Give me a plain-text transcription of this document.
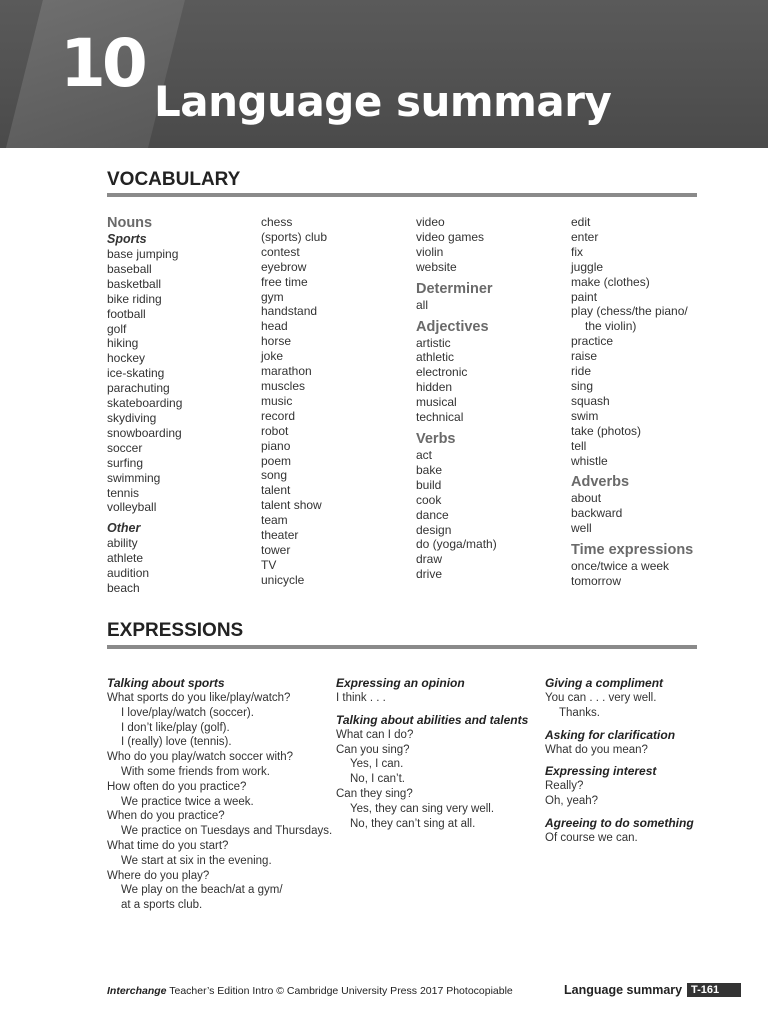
10 Language summary
VOCABULARY
Nouns
Sports
base jumping
baseball
basketball
bike riding
football
golf
hiking
hockey
ice-skating
parachuting
skateboarding
skydiving
snowboarding
soccer
surfing
swimming
tennis
volleyball
Other
ability
athlete
audition
beach
chess
(sports) club
contest
eyebrow
free time
gym
handstand
head
horse
joke
marathon
muscles
music
record
robot
piano
poem
song
talent
talent show
team
theater
tower
TV
unicycle
video
video games
violin
website
Determiner
all
Adjectives
artistic
athletic
electronic
hidden
musical
technical
Verbs
act
bake
build
cook
dance
design
do (yoga/math)
draw
drive
edit
enter
fix
juggle
make (clothes)
paint
play (chess/the piano/
the violin)
practice
raise
ride
sing
squash
swim
take (photos)
tell
whistle
Adverbs
about
backward
well
Time expressions
once/twice a week
tomorrow
EXPRESSIONS
Talking about sports
What sports do you like/play/watch?
I love/play/watch (soccer).
I don’t like/play (golf).
I (really) love (tennis).
Who do you play/watch soccer with?
With some friends from work.
How often do you practice?
We practice twice a week.
When do you practice?
We practice on Tuesdays and Thursdays.
What time do you start?
We start at six in the evening.
Where do you play?
We play on the beach/at a gym/
at a sports club.
Expressing an opinion
I think . . .
Talking about abilities and talents
What can I do?
Can you sing?
Yes, I can.
No, I can’t.
Can they sing?
Yes, they can sing very well.
No, they can’t sing at all.
Giving a compliment
You can . . . very well.
Thanks.
Asking for clarification
What do you mean?
Expressing interest
Really?
Oh, yeah?
Agreeing to do something
Of course we can.
Interchange Teacher’s Edition Intro © Cambridge University Press 2017 Photocopiable	Language summary T-161
